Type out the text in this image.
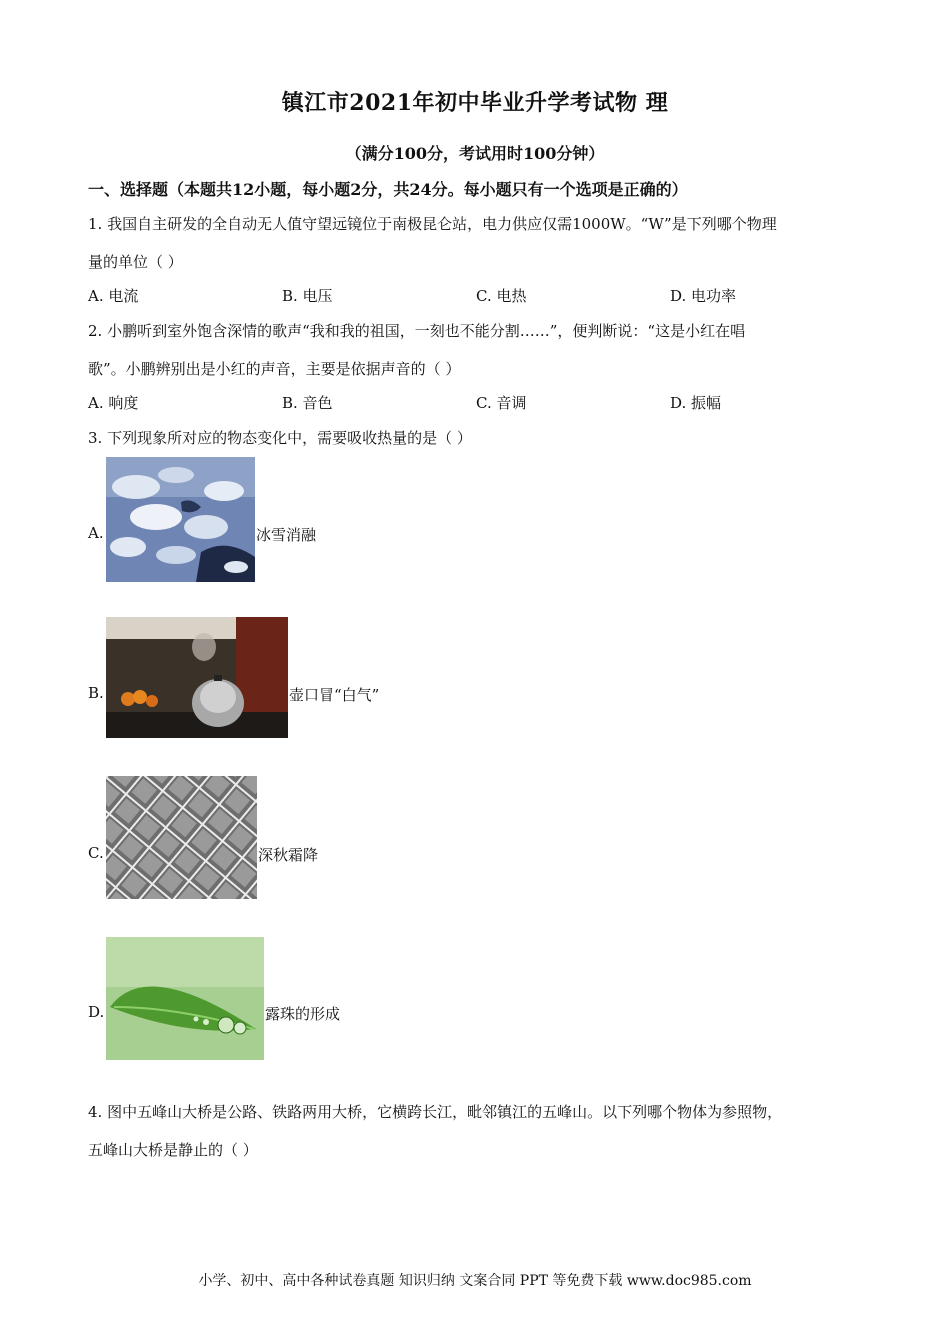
镇江市2021年初中毕业升学考试物 理
（满分100分，考试用时100分钟）
一、选择题（本题共12小题，每小题2分，共24分。每小题只有一个选项是正确的）
1. 我国自主研发的全自动无人值守望远镜位于南极昆仑站，电力供应仅需1000W。“W”是下列哪个物理
量的单位（ ）
A. 电流	B. 电压	C. 电热	D. 电功率
2. 小鹏听到室外饱含深情的歌声“我和我的祖国，一刻也不能分割……”，便判断说：“这是小红在唱
歌”。小鹏辨别出是小红的声音，主要是依据声音的（ ）
A. 响度	B. 音色	C. 音调	D. 振幅
3. 下列现象所对应的物态变化中，需要吸收热量的是（ ）
A.	冰雪消融
B.	壶口冒“白气”
C.	深秋霜降
D.	露珠的形成
4. 图中五峰山大桥是公路、铁路两用大桥，它横跨长江，毗邻镇江的五峰山。以下列哪个物体为参照物，
五峰山大桥是静止的（ ）
小学、初中、高中各种试卷真题 知识归纳 文案合同 PPT 等免费下载 www.doc985.com
